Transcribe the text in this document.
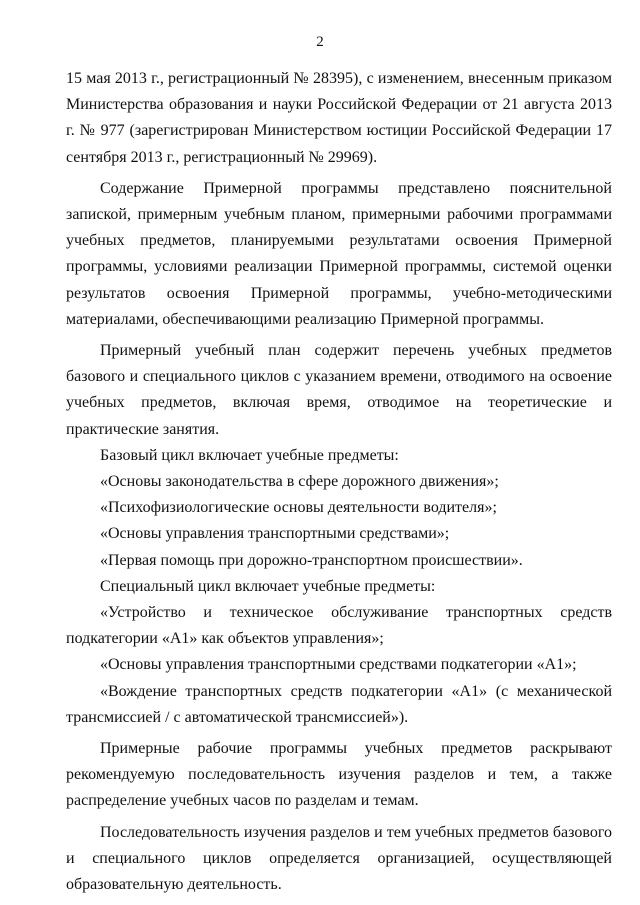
2

15 мая 2013 г., регистрационный № 28395), с изменением, внесенным приказом Министерства образования и науки Российской Федерации от 21 августа 2013 г. № 977 (зарегистрирован Министерством юстиции Российской Федерации 17 сентября 2013 г., регистрационный № 29969).

Содержание Примерной программы представлено пояснительной запиской, примерным учебным планом, примерными рабочими программами учебных предметов, планируемыми результатами освоения Примерной программы, условиями реализации Примерной программы, системой оценки результатов освоения Примерной программы, учебно-методическими материалами, обеспечивающими реализацию Примерной программы.

Примерный учебный план содержит перечень учебных предметов базового и специального циклов с указанием времени, отводимого на освоение учебных предметов, включая время, отводимое на теоретические и практические занятия.

Базовый цикл включает учебные предметы:

«Основы законодательства в сфере дорожного движения»;

«Психофизиологические основы деятельности водителя»;

«Основы управления транспортными средствами»;

«Первая помощь при дорожно-транспортном происшествии».

Специальный цикл включает учебные предметы:

«Устройство и техническое обслуживание транспортных средств подкатегории «А1» как объектов управления»;

«Основы управления транспортными средствами подкатегории «А1»;

«Вождение транспортных средств подкатегории «А1» (с механической трансмиссией / с автоматической трансмиссией»).

Примерные рабочие программы учебных предметов раскрывают рекомендуемую последовательность изучения разделов и тем, а также распределение учебных часов по разделам и темам.

Последовательность изучения разделов и тем учебных предметов базового и специального циклов определяется организацией, осуществляющей образовательную деятельность.
